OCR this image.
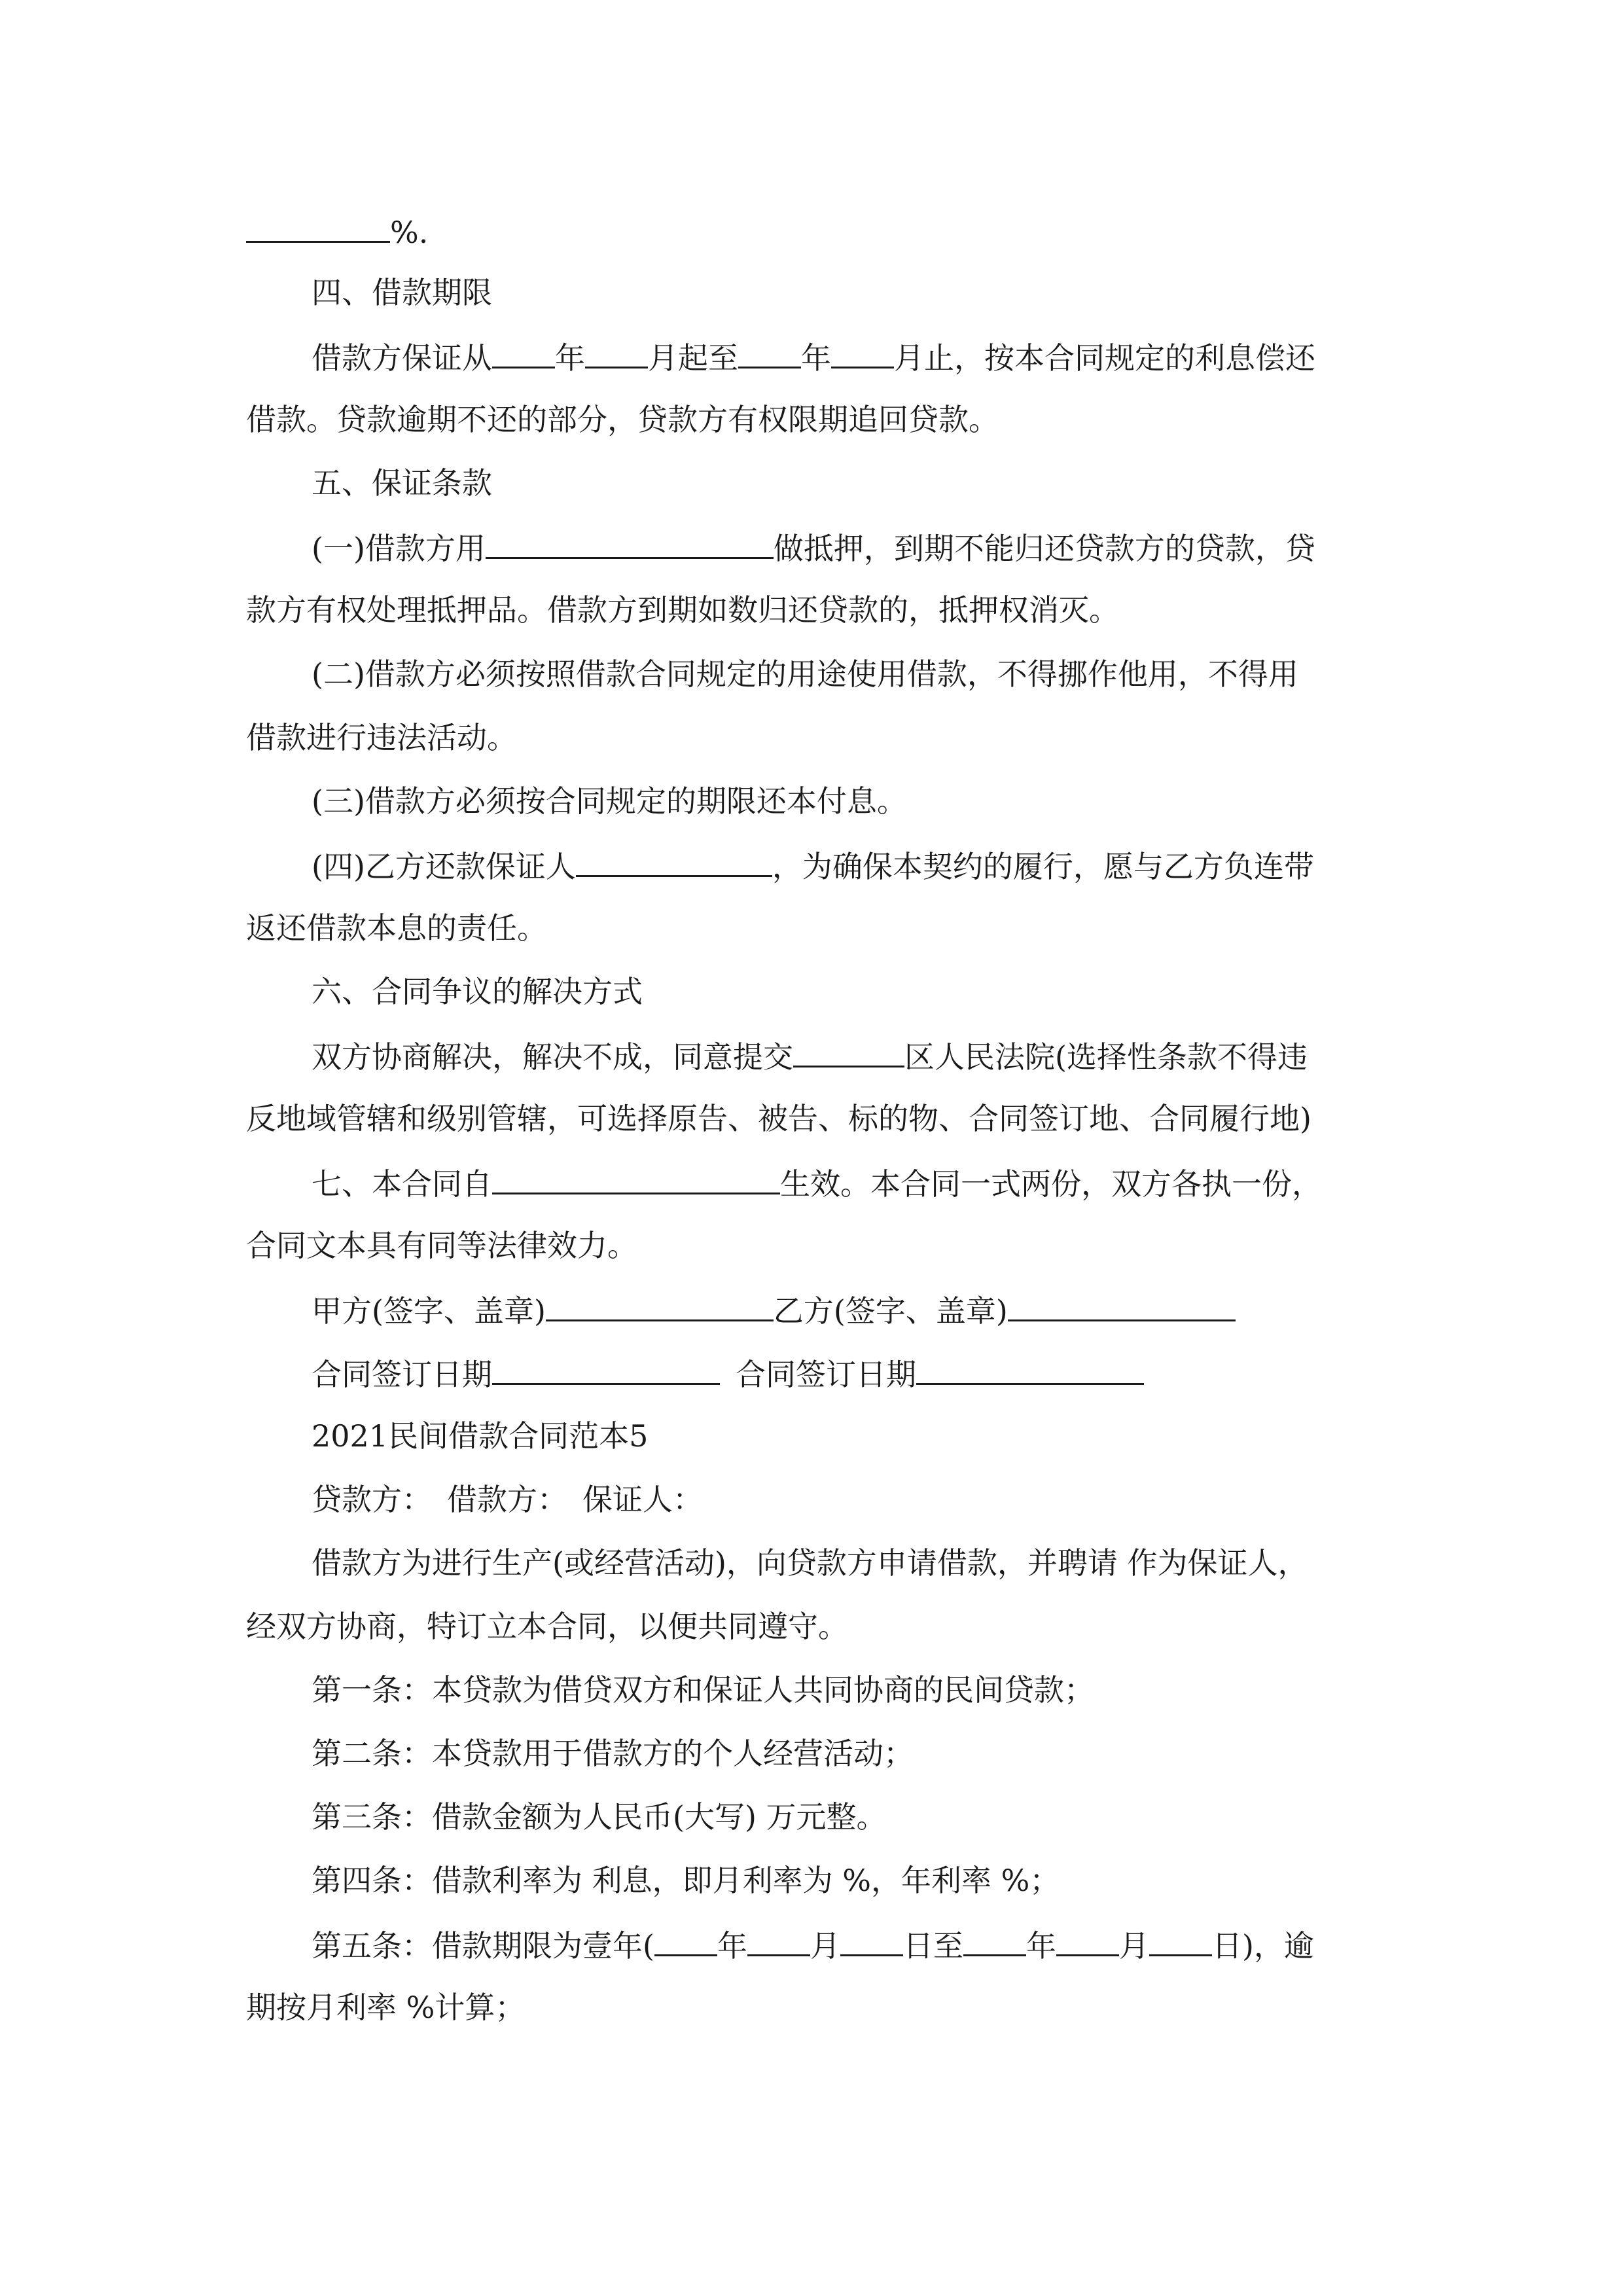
%.

四、借款期限

借款方保证从 年 月起至 年 月止，按本合同规定的利息偿还

借款。贷款逾期不还的部分，贷款方有权限期追回贷款。

五、保证条款

(一)借款方用	做抵押，到期不能归还贷款方的贷款，贷

款方有权处理抵押品。借款方到期如数归还贷款的，抵押权消灭。

(二)借款方必须按照借款合同规定的用途使用借款，不得挪作他用，不得用

借款进行违法活动。

(三)借款方必须按合同规定的期限还本付息。

(四)乙方还款保证人	，为确保本契约的履行，愿与乙方负连带

返还借款本息的责任。

六、合同争议的解决方式

双方协商解决，解决不成，同意提交	区人民法院(选择性条款不得违

反地域管辖和级别管辖，可选择原告、被告、标的物、合同签订地、合同履行地)

七、本合同自	生效。本合同一式两份，双方各执一份，

合同文本具有同等法律效力。

甲方(签字、盖章)	乙方(签字、盖章)

合同签订日期	合同签订日期

2021民间借款合同范本5

贷款方：　借款方：　保证人：

借款方为进行生产(或经营活动)，向贷款方申请借款，并聘请 作为保证人，

经双方协商，特订立本合同，以便共同遵守。

第一条：本贷款为借贷双方和保证人共同协商的民间贷款；

第二条：本贷款用于借款方的个人经营活动；

第三条：借款金额为人民币(大写) 万元整。

第四条：借款利率为 利息，即月利率为 %，年利率 %；

第五条：借款期限为壹年( 年 月 日至 年 月 日)，逾

期按月利率 %计算；
